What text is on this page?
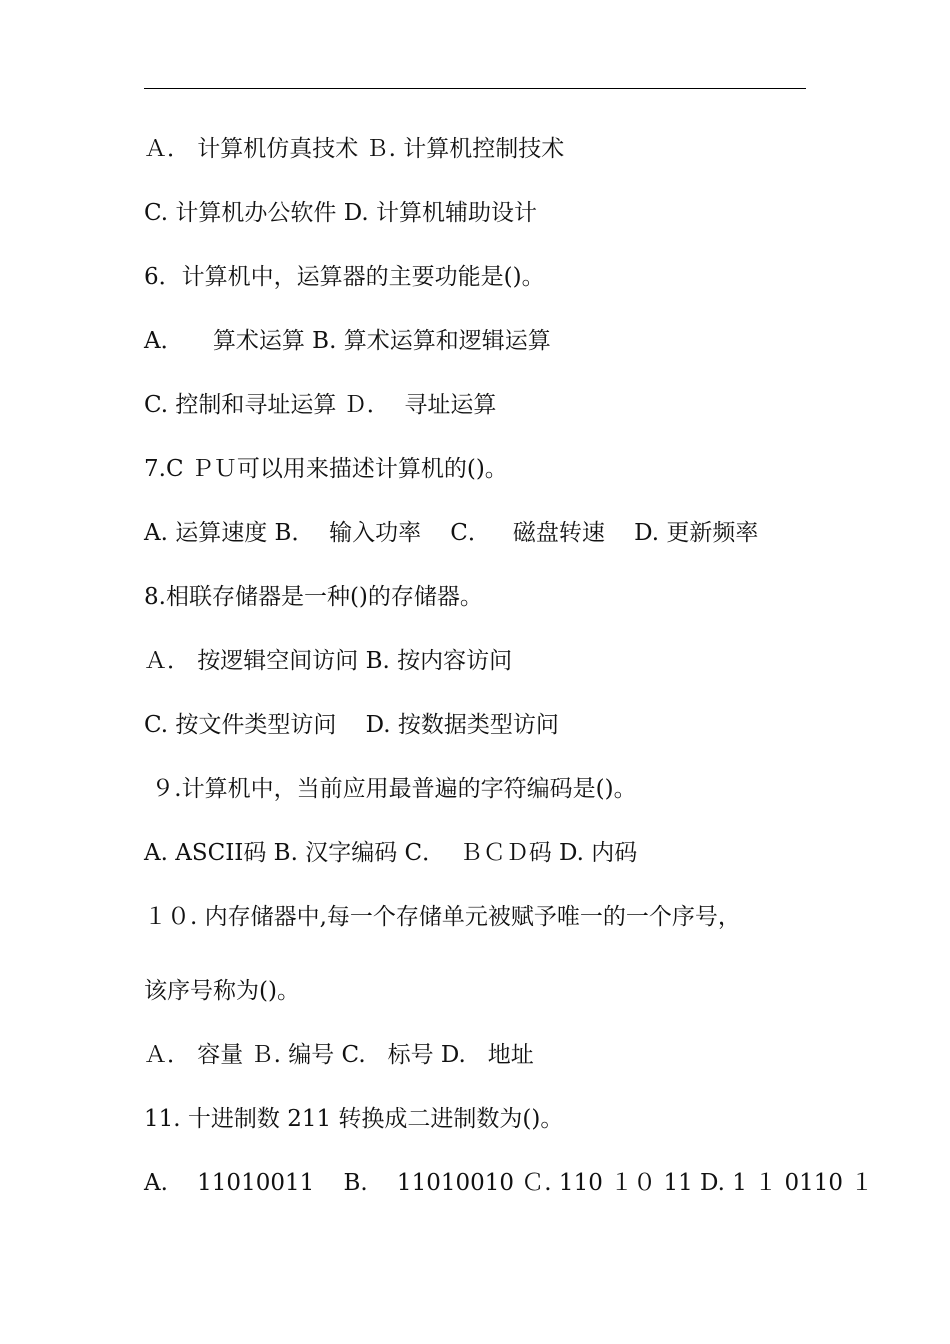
Ａ． 计算机仿真技术 Ｂ. 计算机控制技术
C. 计算机办公软件 D. 计算机辅助设计
6．计算机中，运算器的主要功能是()。
A．    算术运算 B. 算术运算和逻辑运算
C. 控制和寻址运算 Ｄ．  寻址运算
7.C ＰＵ可以用来描述计算机的()。
A. 运算速度 B．  输入功率    C．   磁盘转速    D. 更新频率
8.相联存储器是一种()的存储器。
Ａ． 按逻辑空间访问 B. 按内容访问
C. 按文件类型访问    D. 按数据类型访问
９.计算机中，当前应用最普遍的字符编码是()。
A. ASCⅠⅠ码 B. 汉字编码 C．  ＢＣＤ码 D. 内码
１０. 内存储器中,每一个存储单元被赋予唯一的一个序号，
该序号称为()。
Ａ． 容量 Ｂ. 编号 C.   标号 D.   地址
11. 十进制数 211 转换成二进制数为()。
A.    11010011    B.    11010010 Ｃ. 110 １０ 11 D. 1 １ 0110 １
